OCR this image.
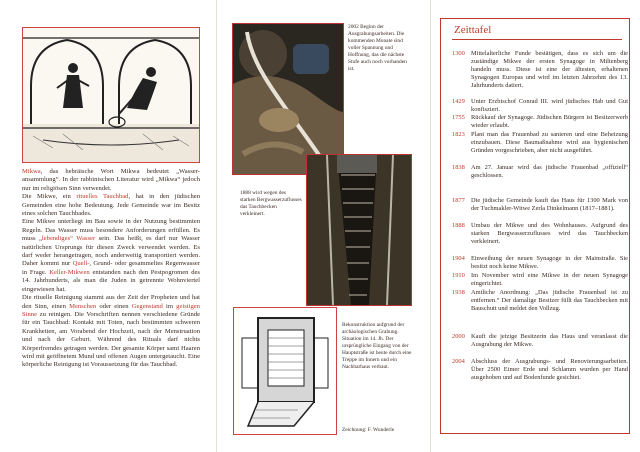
Mikwa, das hebräische Wort Mikwa bedeutet „Wasser-ansammlung“. In der rabbinischen Literatur wird „Mikwa“ jedoch nur im religiösen Sinn verwendet.

Die Mikwe, ein rituelles Tauchbad, hat in den jüdischen Gemeinden eine hohe Bedeutung. Jede Gemeinde war im Besitz eines solchen Tauchbades.

Eine Mikwe unterliegt im Bau sowie in der Nutzung bestimmten Regeln. Das Wasser muss besondere Anforderungen erfüllen. Es muss „lebendiges“ Wasser sein. Das heißt, es darf nur Wasser natürlichen Ursprungs für diesen Zweck verwendet werden. Es darf weder herangetragen, noch anderweitig transportiert werden. Daher kommt nur Quell-, Grund- oder gesammeltes Regenwasser in Frage. Keller-Mikwen entstanden nach den Pestpogromen des 14. Jahrhunderts, als man die Juden in getrennte Wohnviertel eingewiesen hat.

Die rituelle Reinigung stammt aus der Zeit der Propheten und hat den Sinn, einen Menschen oder einen Gegenstand im geistigen Sinne zu reinigen. Die Vorschriften nennen verschiedene Gründe für ein Tauchbad: Kontakt mit Toten, nach bestimmten schweren Krankheiten, am Vorabend der Hochzeit, nach der Menstruation und nach der Geburt. Während des Rituals darf nichts Körperfremdes getragen werden. Der gesamte Körper samt Haaren wird mit geöffnetem Mund und offenen Augen untergetaucht. Eine körperliche Reinigung ist Voraussetzung für das Tauchbad.

2002 Beginn der Ausgrabungsarbeiten. Die kommenden Monate sind voller Spannung und Hoffnung, das die nächste Stufe auch noch vorhanden ist.
1888 wird wegen des starken Bergwasserzuflusses das Tauchbecken verkleinert.
Rekonstruktion aufgrund der archäologischen Grabung. Situation im 14. Jh. Der ursprüngliche Eingang von der Hauptstraße ist heute durch eine Treppe im Innern und ein Nachbarhaus verbaut.
Zeichnung: F. Wunderle
Zeittafel
1300 Mittelalterliche Funde bestätigen, dass es sich um die zuständige Mikwe der ersten Synagoge in Miltenberg handeln muss. Diese ist eine der ältesten, erhaltenen Synagogen Europas und wird im letzten Jahrzehnt des 13. Jahrhunderts datiert.
1429 Unter Erzbischof Conrad III. wird jüdisches Hab und Gut konfisziert.
1755 Rückkauf der Synagoge. Jüdischen Bürgern ist Besitzerwerb wieder erlaubt.
1823 Plant man das Frauenbad zu sanieren und eine Beheizung einzubauen. Diese Baumaßnahme wird aus hygienischen Gründen vorgeschrieben, aber nicht ausgeführt.
1838 Am 27. Januar wird das jüdische Frauenbad „offiziell“ geschlossen.
1877 Die jüdische Gemeinde kauft das Haus für 1300 Mark von der Tuchmakler-Witwe Zerla Dinkelmann (1817–1881).
1888 Umbau der Mikwe und des Wohnhauses. Aufgrund des starken Bergwasserzuflusses wird das Tauchbecken verkleinert.
1904 Einweihung der neuen Synagoge in der Mainstraße. Sie besitzt noch keine Mikwe.
1910 Im November wird eine Mikwe in der neuen Synagoge eingerichtet.
1938 Amtliche Anordnung: „Das jüdische Frauenbad ist zu entfernen.“ Der damalige Besitzer füllt das Tauchbecken mit Bauschutt und meldet den Vollzug.
2000 Kauft die jetzige Besitzerin das Haus und veranlasst die Ausgrabung der Mikwe.
2004 Abschluss der Ausgrabungs- und Renovierungsarbeiten. Über 2500 Eimer Erde und Schlamm wurden per Hand ausgehoben und auf Bodenfunde gesichtet.
